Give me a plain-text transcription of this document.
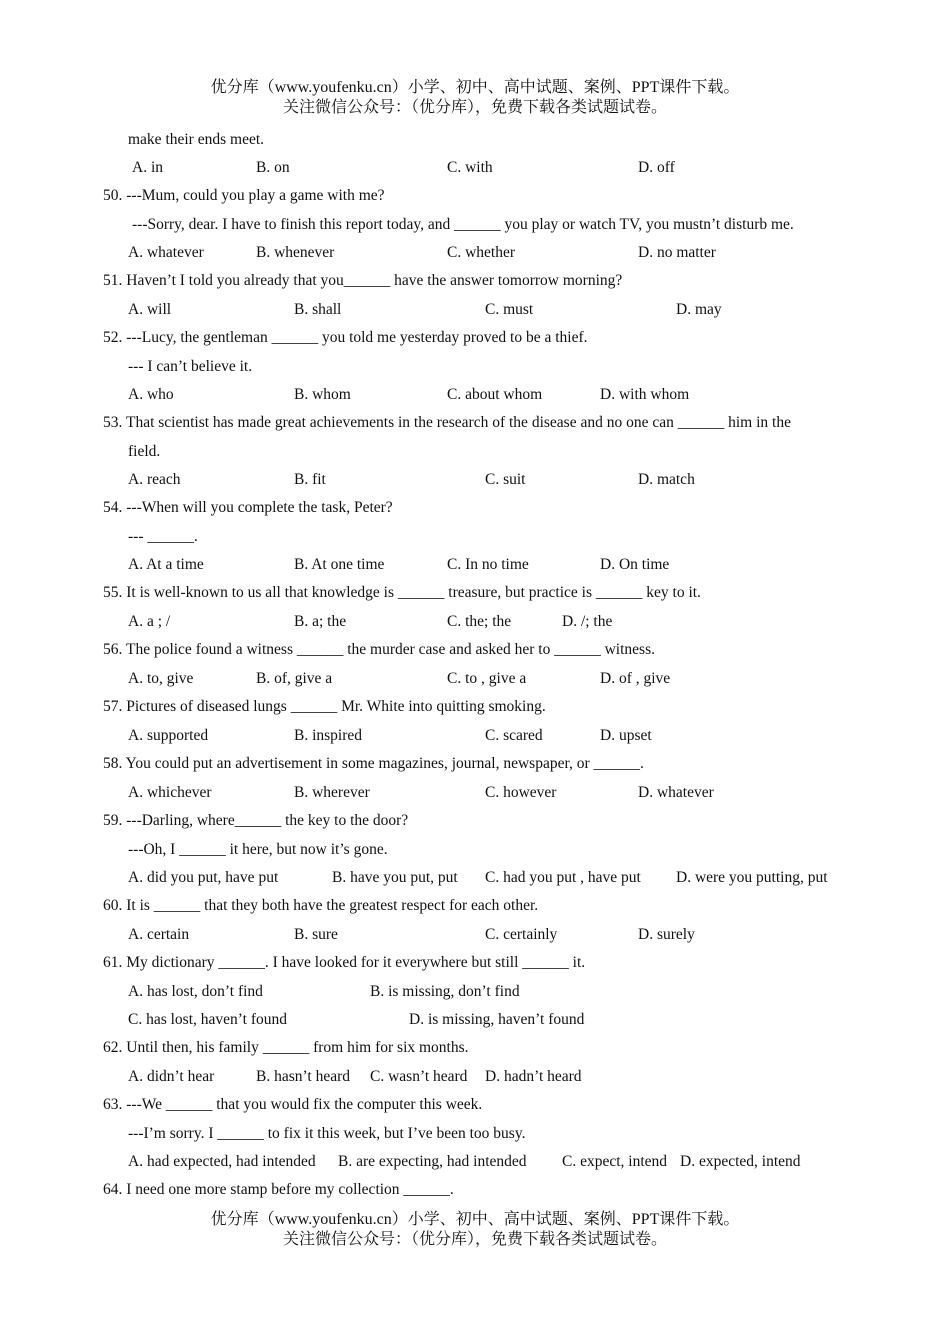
优分库（www.youfenku.cn）小学、初中、高中试题、案例、PPT课件下载。
关注微信公众号：（优分库），免费下载各类试题试卷。
make their ends meet.
A. in	B. on	C. with	D. off
50. ---Mum, could you play a game with me?
---Sorry, dear. I have to finish this report today, and ______ you play or watch TV, you mustn’t disturb me.
A. whatever	B. whenever	C. whether	D. no matter
51. Haven’t I told you already that you______ have the answer tomorrow morning?
A. will	B. shall	C. must	D. may
52. ---Lucy, the gentleman ______ you told me yesterday proved to be a thief.
--- I can’t believe it.
A. who	B. whom	C. about whom	D. with whom
53. That scientist has made great achievements in the research of the disease and no one can ______ him in the
field.
A. reach	B. fit	C. suit	D. match
54. ---When will you complete the task, Peter?
--- ______.
A. At a time	B. At one time	C. In no time	D. On time
55. It is well-known to us all that knowledge is ______ treasure, but practice is ______ key to it.
A. a ; /	B. a; the	C. the; the	D. /; the
56. The police found a witness ______ the murder case and asked her to ______ witness.
A. to, give	B. of, give a	C. to , give a	D. of , give
57. Pictures of diseased lungs ______ Mr. White into quitting smoking.
A. supported	B. inspired	C. scared	D. upset
58. You could put an advertisement in some magazines, journal, newspaper, or ______.
A. whichever	B. wherever	C. however	D. whatever
59. ---Darling, where______ the key to the door?
---Oh, I ______ it here, but now it’s gone.
A. did you put, have put	B. have you put, put C. had you put , have put D. were you putting, put
60. It is ______ that they both have the greatest respect for each other.
A. certain	B. sure	C. certainly	D. surely
61. My dictionary ______. I have looked for it everywhere but still ______ it.
A. has lost, don’t find	B. is missing, don’t find
C. has lost, haven’t found	D. is missing, haven’t found
62. Until then, his family ______ from him for six months.
A. didn’t hear	B. hasn’t heard C. wasn’t heard D. hadn’t heard
63. ---We ______ that you would fix the computer this week.
---I’m sorry. I ______ to fix it this week, but I’ve been too busy.
A. had expected, had intended B. are expecting, had intended C. expect, intend D. expected, intend
64. I need one more stamp before my collection ______.
优分库（www.youfenku.cn）小学、初中、高中试题、案例、PPT课件下载。
关注微信公众号：（优分库），免费下载各类试题试卷。
